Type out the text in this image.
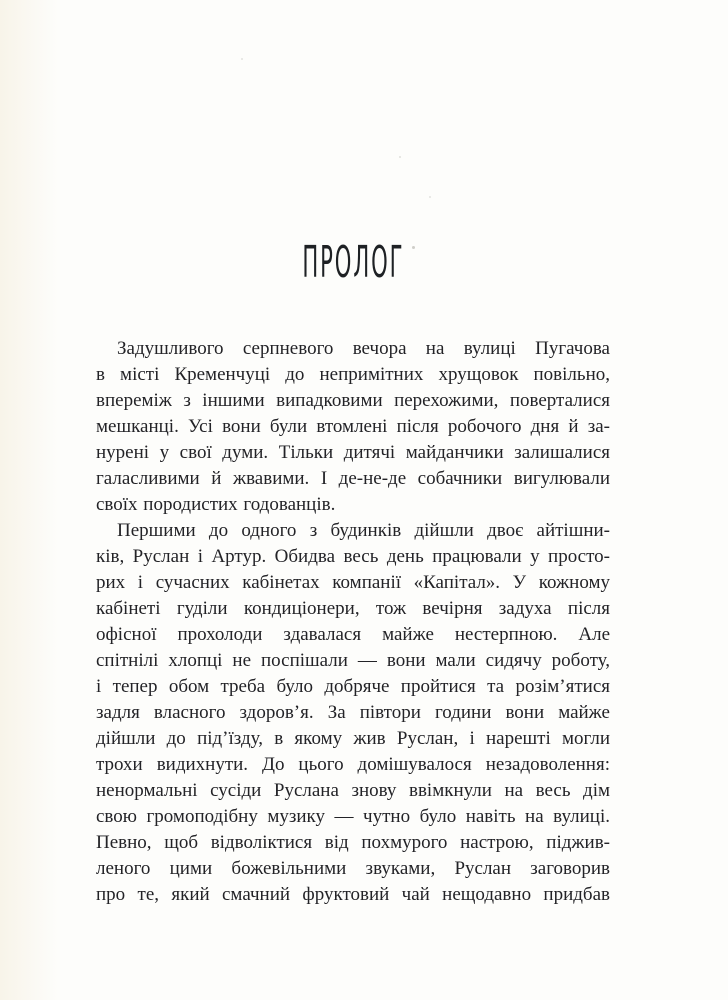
ПРОЛОГ

Задушливого серпневого вечора на вулиці Пугачова
в місті Кременчуці до непримітних хрущовок повільно,
впереміж з іншими випадковими перехожими, поверталися
мешканці. Усі вони були втомлені після робочого дня й за-
нурені у свої думи. Тільки дитячі майданчики залишалися
галасливими й жвавими. І де-не-де собачники вигулювали
своїх породистих годованців.

Першими до одного з будинків дійшли двоє айтішни-
ків, Руслан і Артур. Обидва весь день працювали у просто-
рих і сучасних кабінетах компанії «Капітал». У кожному
кабінеті гуділи кондиціонери, тож вечірня задуха після
офісної прохолоди здавалася майже нестерпною. Але
спітнілі хлопці не поспішали — вони мали сидячу роботу,
і тепер обом треба було добряче пройтися та розім’ятися
задля власного здоров’я. За півтори години вони майже
дійшли до під’їзду, в якому жив Руслан, і нарешті могли
трохи видихнути. До цього домішувалося незадоволення:
ненормальні сусіди Руслана знову ввімкнули на весь дім
свою громоподібну музику — чутно було навіть на вулиці.
Певно, щоб відволіктися від похмурого настрою, піджив-
леного цими божевільними звуками, Руслан заговорив
про те, який смачний фруктовий чай нещодавно придбав
